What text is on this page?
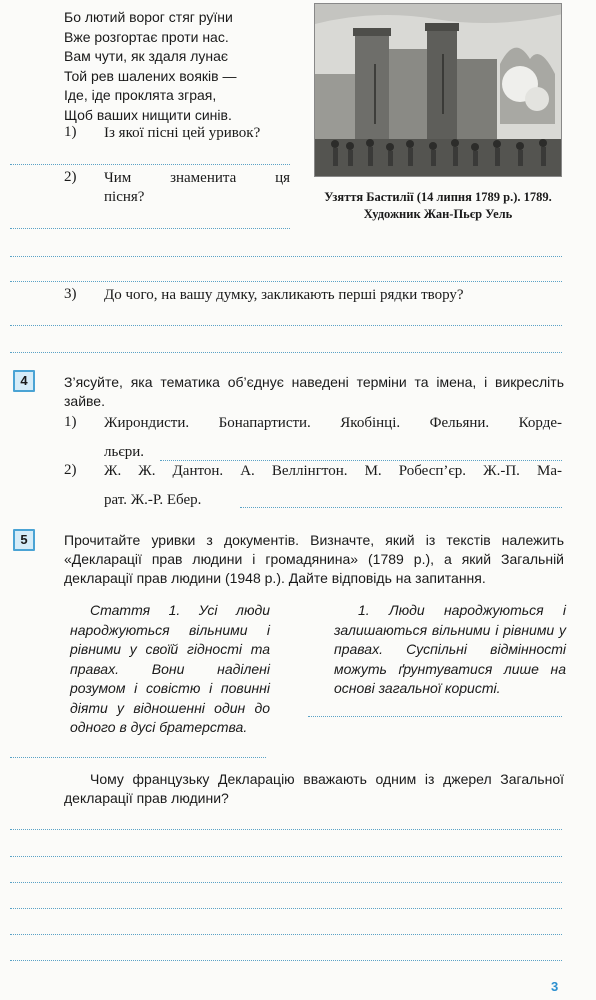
Бо лютий ворог стяг руїни
Вже розгортає проти нас.
Вам чути, як здаля лунає
Той рев шалених вояків —
Іде, іде проклята зграя,
Щоб ваших нищити синів.
1) Із якої пісні цей уривок?
2) Чим знаменита ця пісня?	Узяття Бастилії (14 липня 1789 р.). 1789. Художник Жан-Пьєр Уель
3) До чого, на вашу думку, закликають перші рядки твору?
4	З’ясуйте, яка тематика об’єднує наведені терміни та імена, і викресліть зайве.
1) Жирондисти. Бонапартисти. Якобінці. Фельяни. Корде-
льєри.
2) Ж. Ж. Дантон. А. Веллінгтон. М. Робесп’єр. Ж.-П. Ма-
рат. Ж.-Р. Ебер.
5	Прочитайте уривки з документів. Визначте, який із текстів належить «Декларації прав людини і громадянина» (1789 р.), а який Загальній декларації прав людини (1948 р.). Дайте відповідь на запитання.
Стаття 1. Усі люди народжуються вільними і рівними у своїй гідності та правах. Вони наділені розумом і совістю і повинні діяти у відношенні один до одного в дусі братерства.
1. Люди народжуються і залишаються вільними і рівними у правах. Суспільні відмінності можуть ґрунтуватися лише на основі загальної користі.
Чому французьку Декларацію вважають одним із джерел Загальної декларації прав людини?
3
